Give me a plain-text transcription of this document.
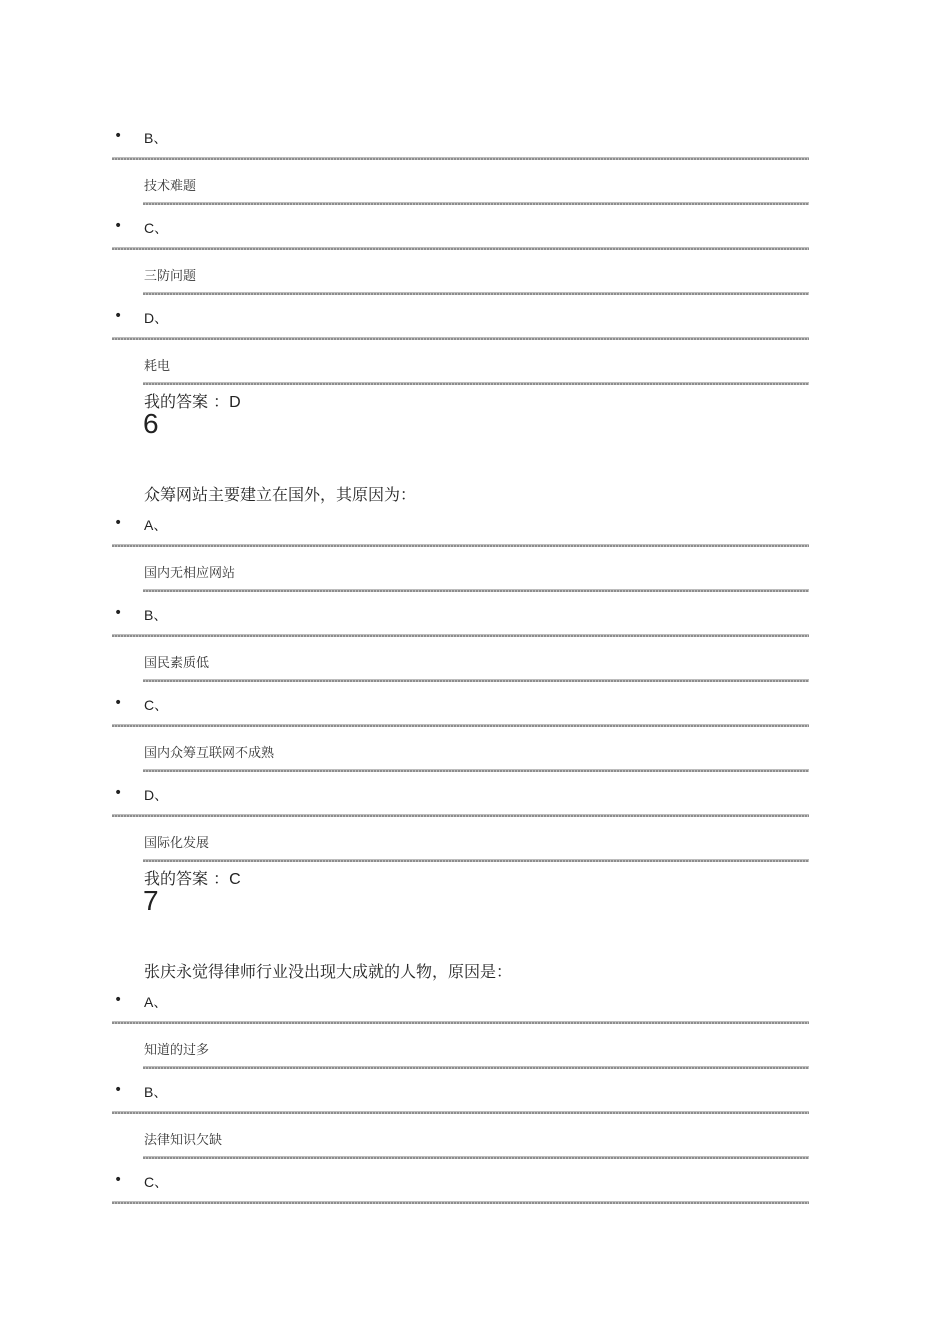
• B、
技术难题
• C、
三防问题
• D、
耗电
我的答案 ：D
6
众筹网站主要建立在国外，其原因为：
• A、
国内无相应网站
• B、
国民素质低
• C、
国内众筹互联网不成熟
• D、
国际化发展
我的答案 ：C
7
张庆永觉得律师行业没出现大成就的人物，原因是：
• A、
知道的过多
• B、
法律知识欠缺
• C、
